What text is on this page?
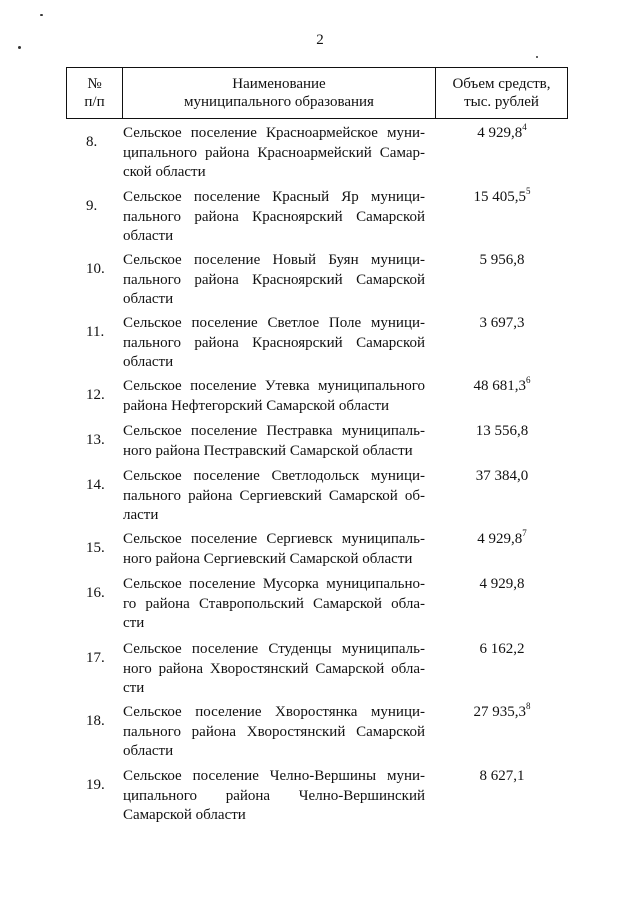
2
№
п/п
Наименование
муниципального образования
Объем средств,
тыс. рублей
8.
Сельское поселение Красноармейское муни-
ципального района Красноармейский Самар-
ской области
4 929,8$^4$
9.
Сельское поселение Красный Яр муници-
пального района Красноярский Самарской
области
15 405,5$^5$
10.
Сельское поселение Новый Буян муници-
пального района Красноярский Самарской
области
5 956,8
11.
Сельское поселение Светлое Поле муници-
пального района Красноярский Самарской
области
3 697,3
12.
Сельское поселение Утевка муниципального
района Нефтегорский Самарской области
48 681,3$^6$
13.
Сельское поселение Пестравка муниципаль-
ного района Пестравский Самарской области
13 556,8
14.
Сельское поселение Светлодольск муници-
пального района Сергиевский Самарской об-
ласти
37 384,0
15.
Сельское поселение Сергиевск муниципаль-
ного района Сергиевский Самарской области
4 929,8$^7$
16.
Сельское поселение Мусорка муниципально-
го района Ставропольский Самарской обла-
сти
4 929,8
17.
Сельское поселение Студенцы муниципаль-
ного района Хворостянский Самарской обла-
сти
6 162,2
18.
Сельское поселение Хворостянка муници-
пального района Хворостянский Самарской
области
27 935,3$^8$
19.
Сельское поселение Челно-Вершины муни-
ципального района Челно-Вершинский
Самарской области
8 627,1
